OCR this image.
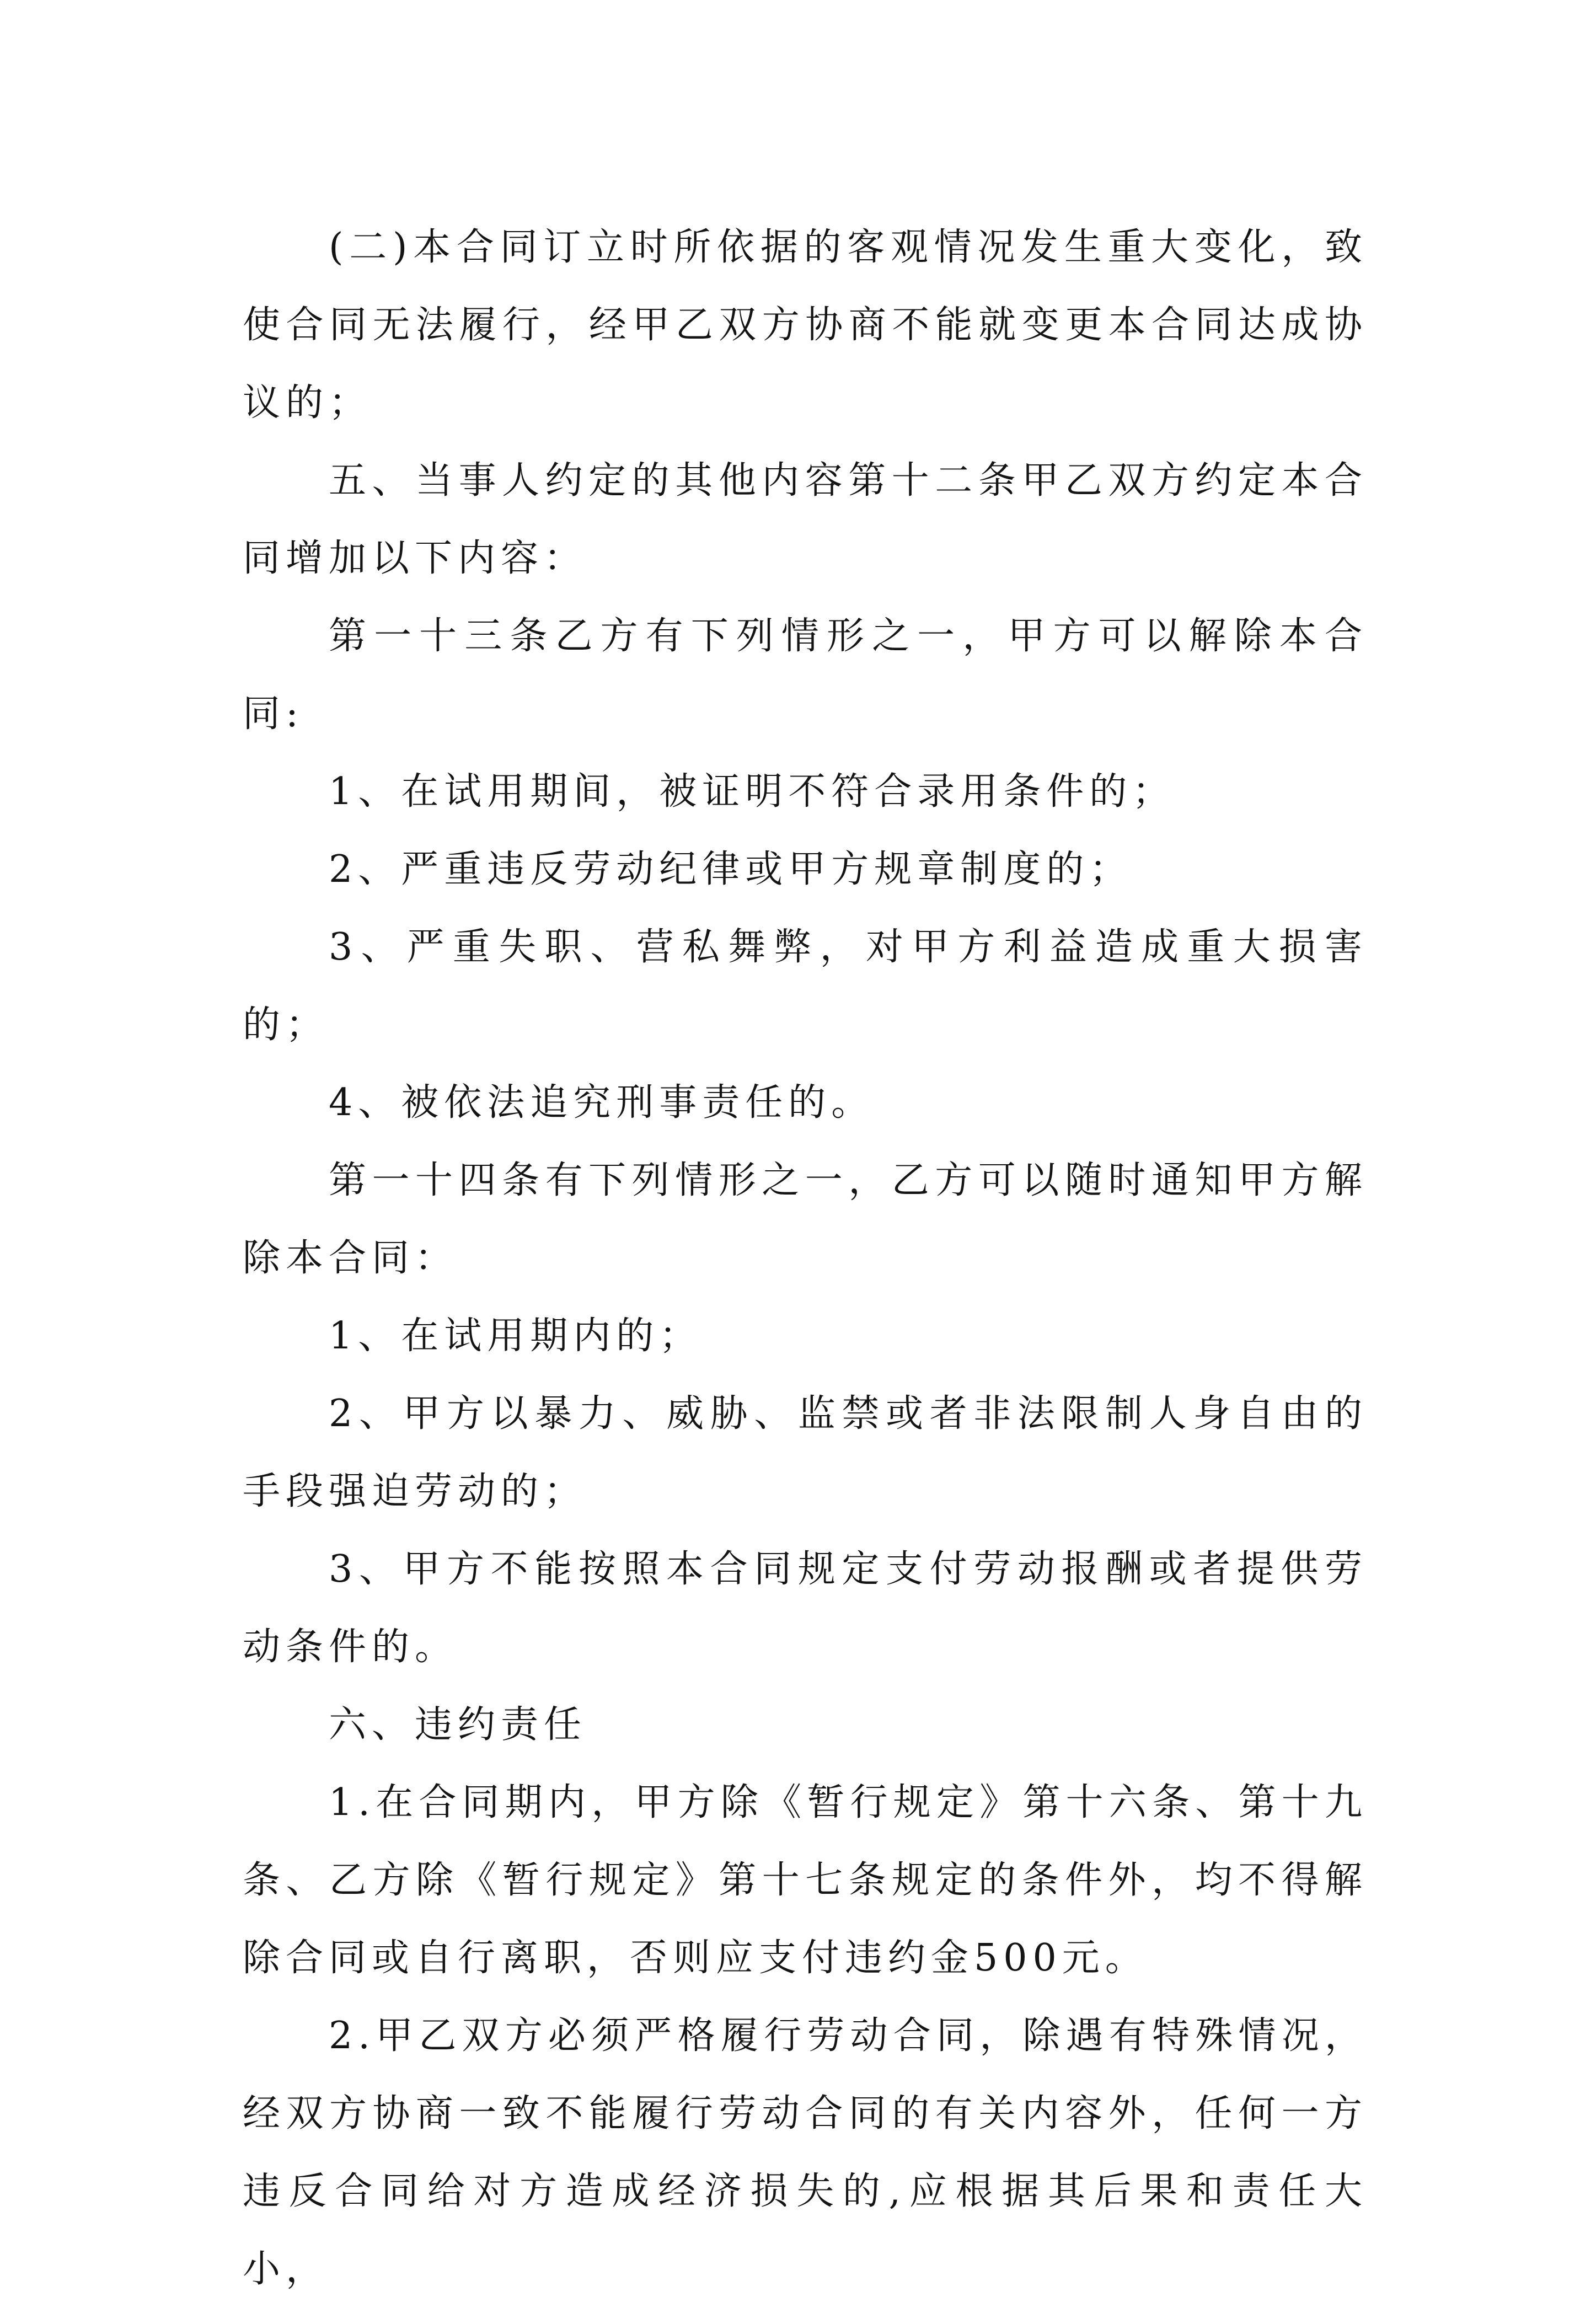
(二)本合同订立时所依据的客观情况发生重大变化，致使合同无法履行，经甲乙双方协商不能就变更本合同达成协议的；

五、当事人约定的其他内容第十二条甲乙双方约定本合同增加以下内容：

第一十三条乙方有下列情形之一，甲方可以解除本合同:

1、在试用期间，被证明不符合录用条件的；

2、严重违反劳动纪律或甲方规章制度的；

3、严重失职、营私舞弊，对甲方利益造成重大损害的；

4、被依法追究刑事责任的。

第一十四条有下列情形之一，乙方可以随时通知甲方解除本合同：

1、在试用期内的；

2、甲方以暴力、威胁、监禁或者非法限制人身自由的手段强迫劳动的；

3、甲方不能按照本合同规定支付劳动报酬或者提供劳动条件的。

六、违约责任

1.在合同期内，甲方除《暂行规定》第十六条、第十九条、乙方除《暂行规定》第十七条规定的条件外，均不得解除合同或自行离职，否则应支付违约金500元。

2.甲乙双方必须严格履行劳动合同，除遇有特殊情况，经双方协商一致不能履行劳动合同的有关内容外，任何一方违反合同给对方造成经济损失的,应根据其后果和责任大小，
